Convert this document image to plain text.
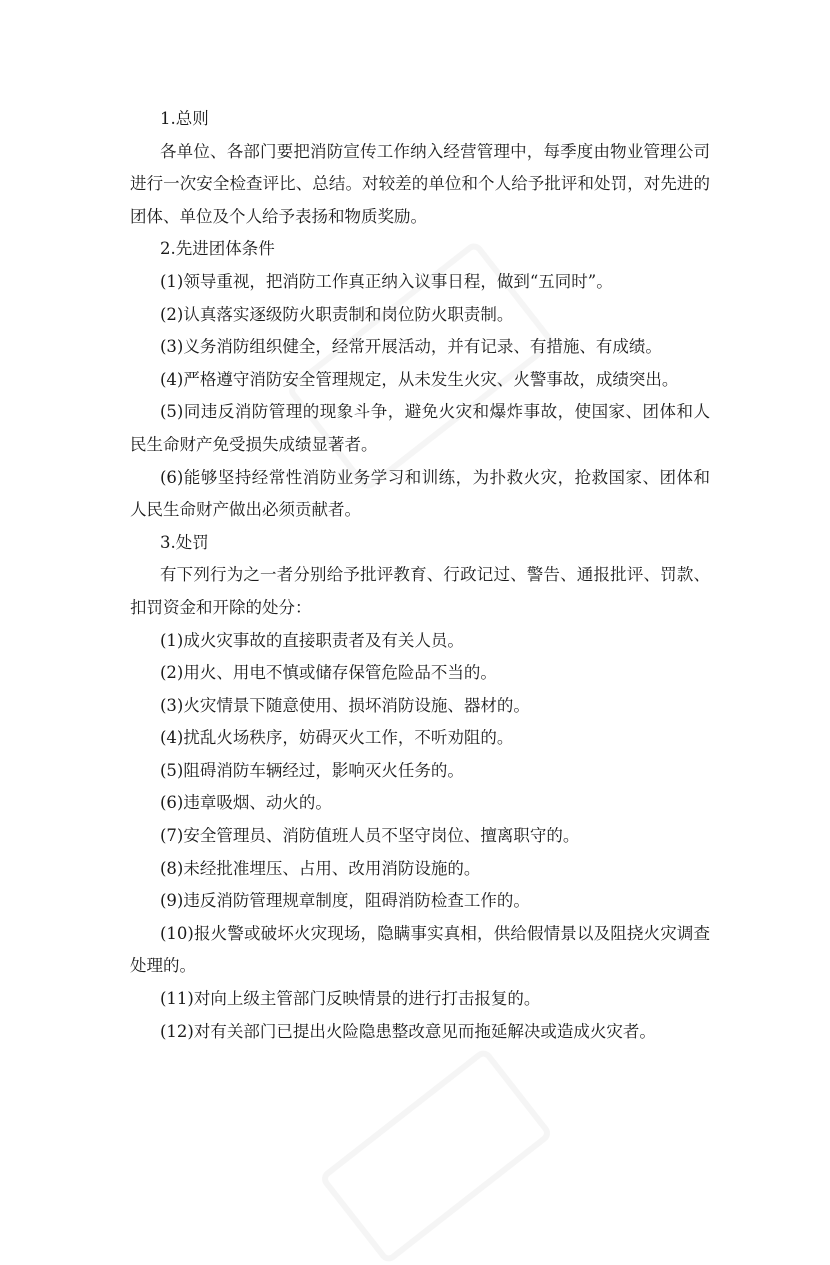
1.总则

各单位、各部门要把消防宣传工作纳入经营管理中，每季度由物业管理公司进行一次安全检查评比、总结。对较差的单位和个人给予批评和处罚，对先进的团体、单位及个人给予表扬和物质奖励。

2.先进团体条件

(1)领导重视，把消防工作真正纳入议事日程，做到“五同时”。

(2)认真落实逐级防火职责制和岗位防火职责制。

(3)义务消防组织健全，经常开展活动，并有记录、有措施、有成绩。

(4)严格遵守消防安全管理规定，从未发生火灾、火警事故，成绩突出。

(5)同违反消防管理的现象斗争，避免火灾和爆炸事故，使国家、团体和人民生命财产免受损失成绩显著者。

(6)能够坚持经常性消防业务学习和训练，为扑救火灾，抢救国家、团体和人民生命财产做出必须贡献者。

3.处罚

有下列行为之一者分别给予批评教育、行政记过、警告、通报批评、罚款、扣罚资金和开除的处分：

(1)成火灾事故的直接职责者及有关人员。

(2)用火、用电不慎或储存保管危险品不当的。

(3)火灾情景下随意使用、损坏消防设施、器材的。

(4)扰乱火场秩序，妨碍灭火工作，不听劝阻的。

(5)阻碍消防车辆经过，影响灭火任务的。

(6)违章吸烟、动火的。

(7)安全管理员、消防值班人员不坚守岗位、擅离职守的。

(8)未经批准埋压、占用、改用消防设施的。

(9)违反消防管理规章制度，阻碍消防检查工作的。

(10)报火警或破坏火灾现场，隐瞒事实真相，供给假情景以及阻挠火灾调查处理的。

(11)对向上级主管部门反映情景的进行打击报复的。

(12)对有关部门已提出火险隐患整改意见而拖延解决或造成火灾者。
